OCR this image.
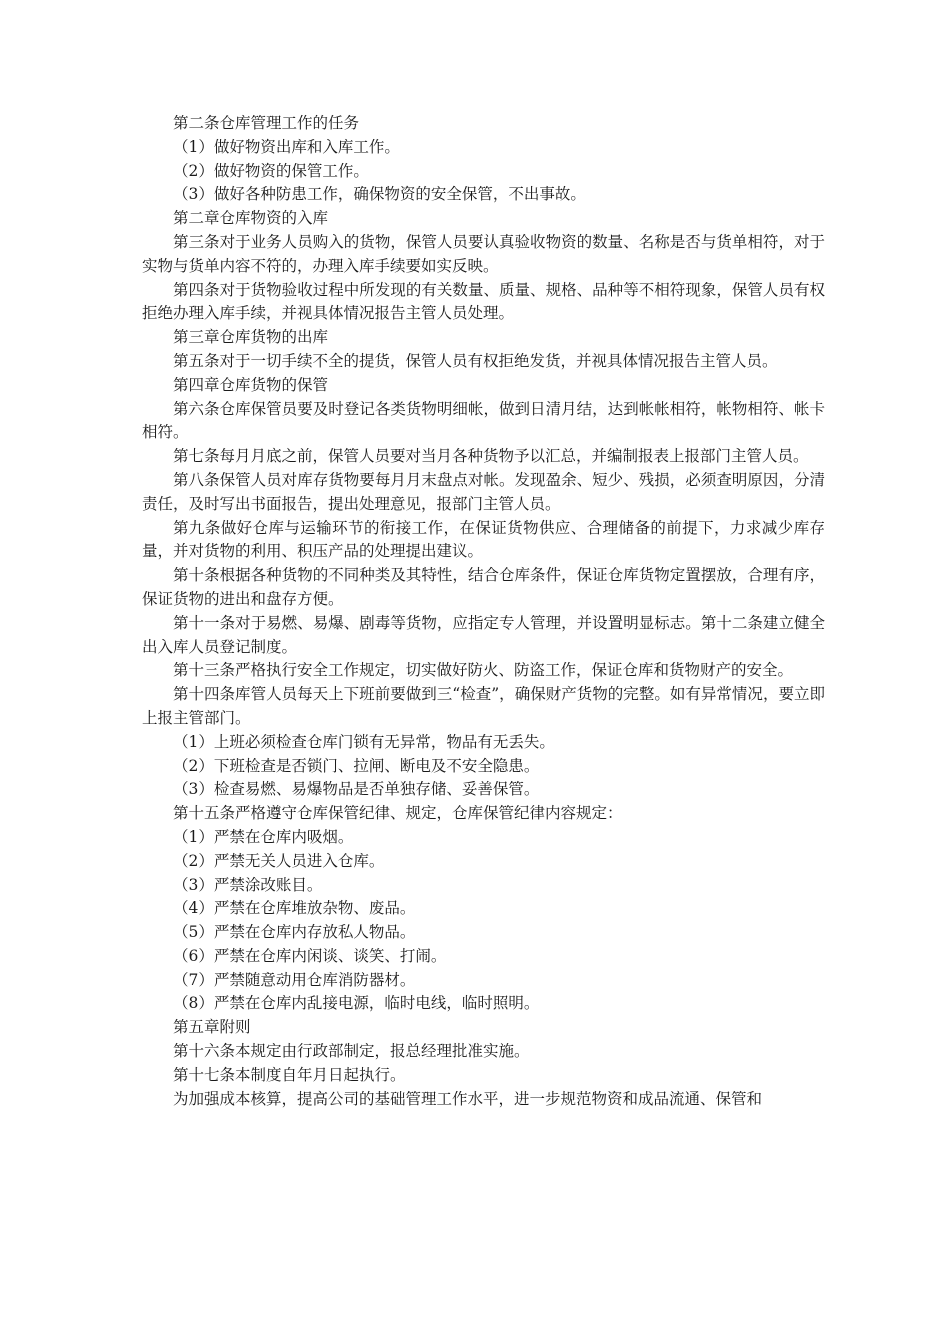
第二条仓库管理工作的任务

（1）做好物资出库和入库工作。

（2）做好物资的保管工作。

（3）做好各种防患工作，确保物资的安全保管，不出事故。

第二章仓库物资的入库

第三条对于业务人员购入的货物，保管人员要认真验收物资的数量、名称是否与货单相符，对于实物与货单内容不符的，办理入库手续要如实反映。

第四条对于货物验收过程中所发现的有关数量、质量、规格、品种等不相符现象，保管人员有权拒绝办理入库手续，并视具体情况报告主管人员处理。

第三章仓库货物的出库

第五条对于一切手续不全的提货，保管人员有权拒绝发货，并视具体情况报告主管人员。

第四章仓库货物的保管

第六条仓库保管员要及时登记各类货物明细帐，做到日清月结，达到帐帐相符，帐物相符、帐卡相符。

第七条每月月底之前，保管人员要对当月各种货物予以汇总，并编制报表上报部门主管人员。

第八条保管人员对库存货物要每月月末盘点对帐。发现盈余、短少、残损，必须查明原因，分清责任，及时写出书面报告，提出处理意见，报部门主管人员。

第九条做好仓库与运输环节的衔接工作，在保证货物供应、合理储备的前提下，力求减少库存量，并对货物的利用、积压产品的处理提出建议。

第十条根据各种货物的不同种类及其特性，结合仓库条件，保证仓库货物定置摆放，合理有序，保证货物的进出和盘存方便。

第十一条对于易燃、易爆、剧毒等货物，应指定专人管理，并设置明显标志。第十二条建立健全出入库人员登记制度。

第十三条严格执行安全工作规定，切实做好防火、防盗工作，保证仓库和货物财产的安全。

第十四条库管人员每天上下班前要做到三“检查”，确保财产货物的完整。如有异常情况，要立即上报主管部门。

（1）上班必须检查仓库门锁有无异常，物品有无丢失。

（2）下班检查是否锁门、拉闸、断电及不安全隐患。

（3）检查易燃、易爆物品是否单独存储、妥善保管。

第十五条严格遵守仓库保管纪律、规定，仓库保管纪律内容规定：

（1）严禁在仓库内吸烟。

（2）严禁无关人员进入仓库。

（3）严禁涂改账目。

（4）严禁在仓库堆放杂物、废品。

（5）严禁在仓库内存放私人物品。

（6）严禁在仓库内闲谈、谈笑、打闹。

（7）严禁随意动用仓库消防器材。

（8）严禁在仓库内乱接电源，临时电线，临时照明。

第五章附则

第十六条本规定由行政部制定，报总经理批准实施。

第十七条本制度自年月日起执行。

为加强成本核算，提高公司的基础管理工作水平，进一步规范物资和成品流通、保管和
